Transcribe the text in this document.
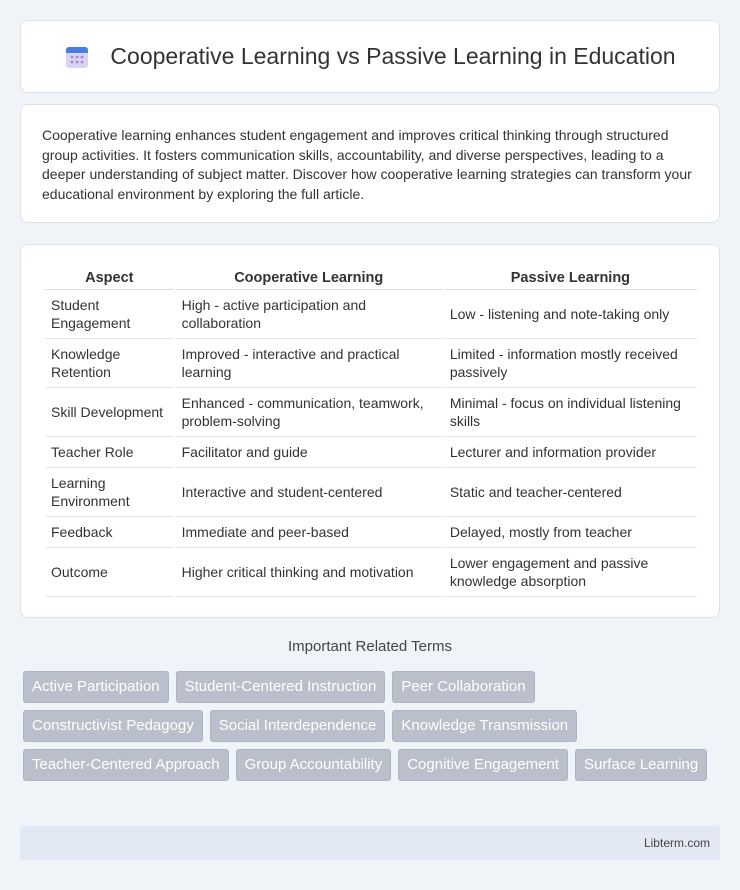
Cooperative Learning vs Passive Learning in Education

Cooperative learning enhances student engagement and improves critical thinking through structured group activities. It fosters communication skills, accountability, and diverse perspectives, leading to a deeper understanding of subject matter. Discover how cooperative learning strategies can transform your educational environment by exploring the full article.

Aspect	Cooperative Learning	Passive Learning
Student Engagement	High - active participation and collaboration	Low - listening and note-taking only
Knowledge Retention	Improved - interactive and practical learning	Limited - information mostly received passively
Skill Development	Enhanced - communication, teamwork, problem-solving	Minimal - focus on individual listening skills
Teacher Role	Facilitator and guide	Lecturer and information provider
Learning Environment	Interactive and student-centered	Static and teacher-centered
Feedback	Immediate and peer-based	Delayed, mostly from teacher
Outcome	Higher critical thinking and motivation	Lower engagement and passive knowledge absorption
Important Related Terms
Active Participation	Student-Centered Instruction	Peer Collaboration
Constructivist Pedagogy	Social Interdependence	Knowledge Transmission
Teacher-Centered Approach	Group Accountability	Cognitive Engagement	Surface Learning
Libterm.com
